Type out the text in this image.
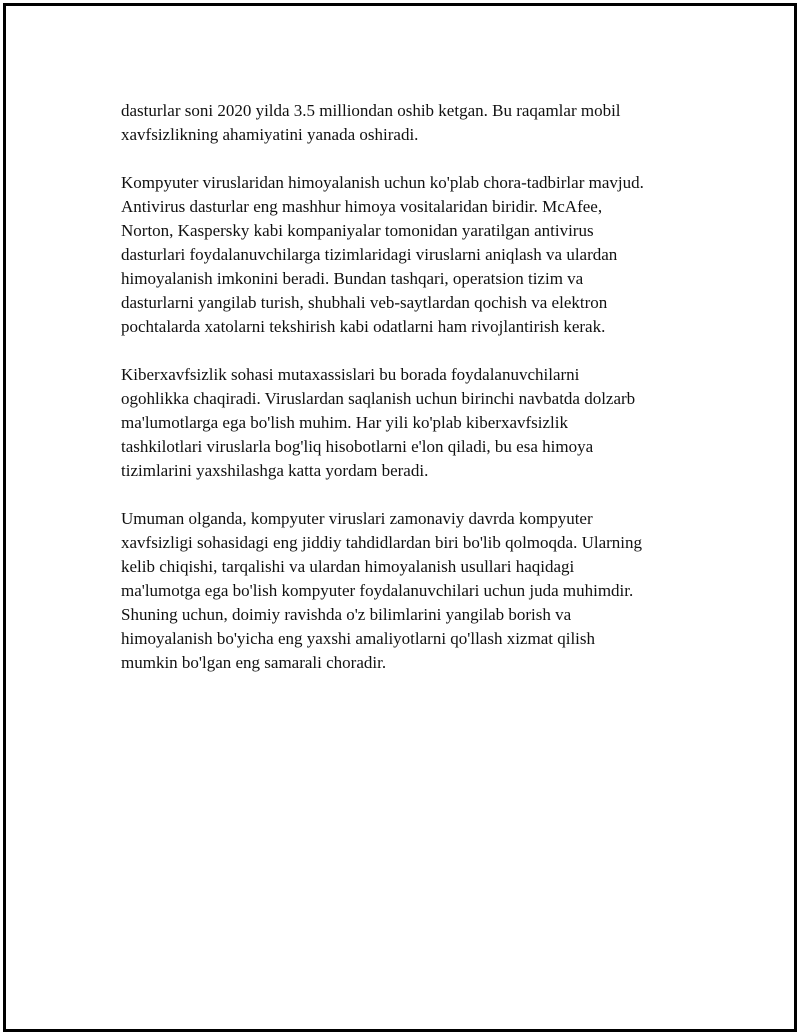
dasturlar soni 2020 yilda 3.5 milliondan oshib ketgan. Bu raqamlar mobil
xavfsizlikning ahamiyatini yanada oshiradi.

Kompyuter viruslaridan himoyalanish uchun ko'plab chora-tadbirlar mavjud.
Antivirus dasturlar eng mashhur himoya vositalaridan biridir. McAfee,
Norton, Kaspersky kabi kompaniyalar tomonidan yaratilgan antivirus
dasturlari foydalanuvchilarga tizimlaridagi viruslarni aniqlash va ulardan
himoyalanish imkonini beradi. Bundan tashqari, operatsion tizim va
dasturlarni yangilab turish, shubhali veb-saytlardan qochish va elektron
pochtalarda xatolarni tekshirish kabi odatlarni ham rivojlantirish kerak.

Kiberxavfsizlik sohasi mutaxassislari bu borada foydalanuvchilarni
ogohlikka chaqiradi. Viruslardan saqlanish uchun birinchi navbatda dolzarb
ma'lumotlarga ega bo'lish muhim. Har yili ko'plab kiberxavfsizlik
tashkilotlari viruslarla bog'liq hisobotlarni e'lon qiladi, bu esa himoya
tizimlarini yaxshilashga katta yordam beradi.

Umuman olganda, kompyuter viruslari zamonaviy davrda kompyuter
xavfsizligi sohasidagi eng jiddiy tahdidlardan biri bo'lib qolmoqda. Ularning
kelib chiqishi, tarqalishi va ulardan himoyalanish usullari haqidagi
ma'lumotga ega bo'lish kompyuter foydalanuvchilari uchun juda muhimdir.
Shuning uchun, doimiy ravishda o'z bilimlarini yangilab borish va
himoyalanish bo'yicha eng yaxshi amaliyotlarni qo'llash xizmat qilish
mumkin bo'lgan eng samarali choradir.
